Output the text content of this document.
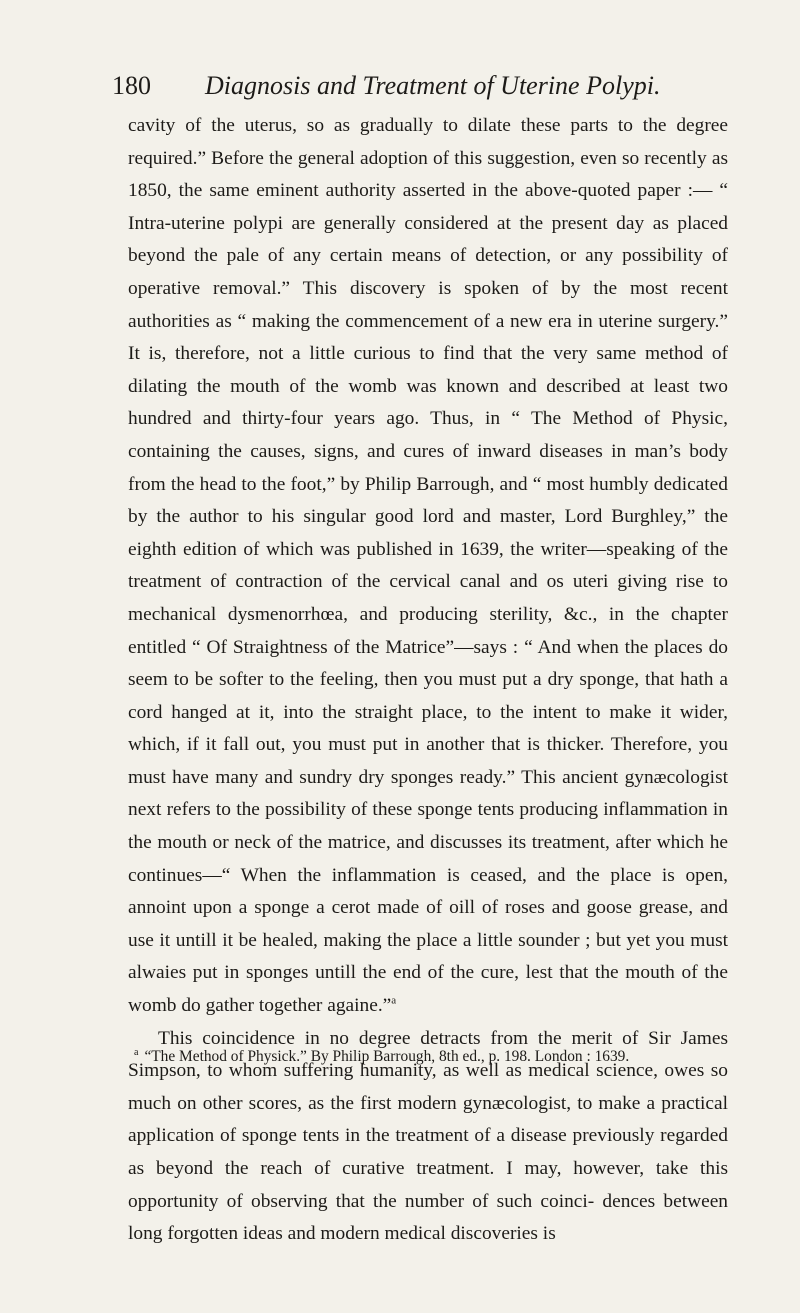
180 Diagnosis and Treatment of Uterine Polypi.

cavity of the uterus, so as gradually to dilate these parts to the degree required.” Before the general adoption of this suggestion, even so recently as 1850, the same eminent authority asserted in the above-quoted paper :— “ Intra-uterine polypi are generally considered at the present day as placed beyond the pale of any certain means of detection, or any possibility of operative removal.” This discovery is spoken of by the most recent authorities as “ making the commencement of a new era in uterine surgery.” It is, therefore, not a little curious to find that the very same method of dilating the mouth of the womb was known and described at least two hundred and thirty-four years ago. Thus, in “ The Method of Physic, containing the causes, signs, and cures of inward diseases in man’s body from the head to the foot,” by Philip Barrough, and “ most humbly dedicated by the author to his singular good lord and master, Lord Burghley,” the eighth edition of which was published in 1639, the writer—speaking of the treatment of contraction of the cervical canal and os uteri giving rise to mechanical dysmenorrhœa, and producing sterility, &c., in the chapter entitled “ Of Straightness of the Matrice”—says : “ And when the places do seem to be softer to the feeling, then you must put a dry sponge, that hath a cord hanged at it, into the straight place, to the intent to make it wider, which, if it fall out, you must put in another that is thicker. Therefore, you must have many and sundry dry sponges ready.” This ancient gynæcologist next refers to the possibility of these sponge tents producing inflammation in the mouth or neck of the matrice, and discusses its treatment, after which he continues—“ When the inflammation is ceased, and the place is open, annoint upon a sponge a cerot made of oill of roses and goose grease, and use it untill it be healed, making the place a little sounder ; but yet you must alwaies put in sponges untill the end of the cure, lest that the mouth of the womb do gather together againe.”$^a$

This coincidence in no degree detracts from the merit of Sir James Simpson, to whom suffering humanity, as well as medical science, owes so much on other scores, as the first modern gynæcologist, to make a practical application of sponge tents in the treatment of a disease previously regarded as beyond the reach of curative treatment. I may, however, take this opportunity of observing that the number of such coinci- dences between long forgotten ideas and modern medical discoveries is

$^a$ “The Method of Physick.” By Philip Barrough, 8th ed., p. 198. London : 1639.
